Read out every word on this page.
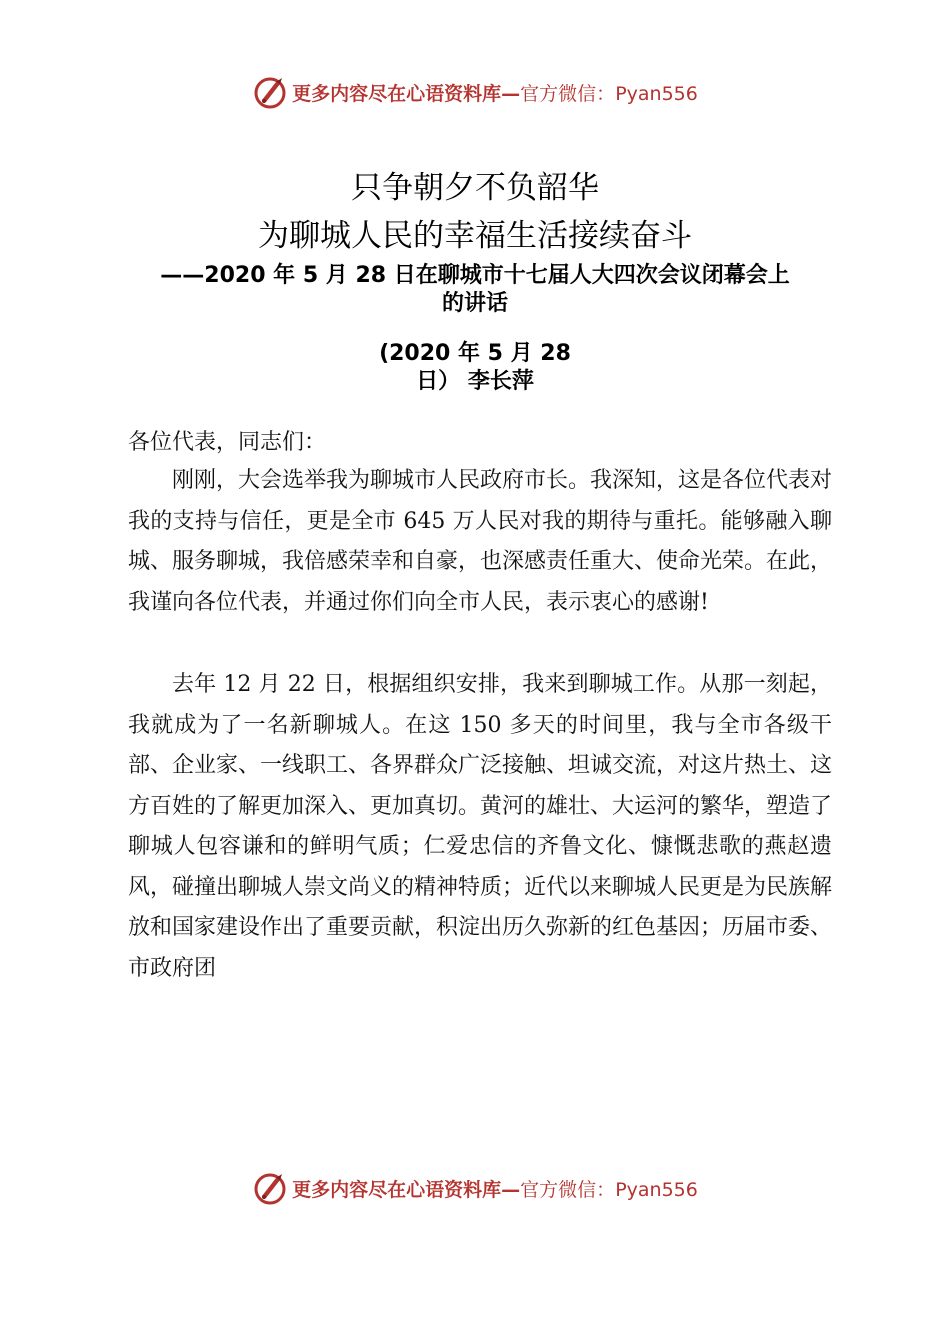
更多内容尽在心语资料库—官方微信：Pyan556
只争朝夕不负韶华
为聊城人民的幸福生活接续奋斗
——2020 年 5 月 28 日在聊城市十七届人大四次会议闭幕会上
的讲话
(2020 年 5 月 28
日） 李长萍
各位代表，同志们：
刚刚，大会选举我为聊城市人民政府市长。我深知，这是各位代表对我的支持与信任，更是全市 645 万人民对我的期待与重托。能够融入聊城、服务聊城，我倍感荣幸和自豪，也深感责任重大、使命光荣。在此，我谨向各位代表，并通过你们向全市人民，表示衷心的感谢!
去年 12 月 22 日，根据组织安排，我来到聊城工作。从那一刻起，我就成为了一名新聊城人。在这 150 多天的时间里，我与全市各级干部、企业家、一线职工、各界群众广泛接触、坦诚交流，对这片热土、这方百姓的了解更加深入、更加真切。黄河的雄壮、大运河的繁华，塑造了聊城人包容谦和的鲜明气质；仁爱忠信的齐鲁文化、慷慨悲歌的燕赵遗风，碰撞出聊城人崇文尚义的精神特质；近代以来聊城人民更是为民族解放和国家建设作出了重要贡献，积淀出历久弥新的红色基因；历届市委、市政府团
更多内容尽在心语资料库—官方微信：Pyan556
